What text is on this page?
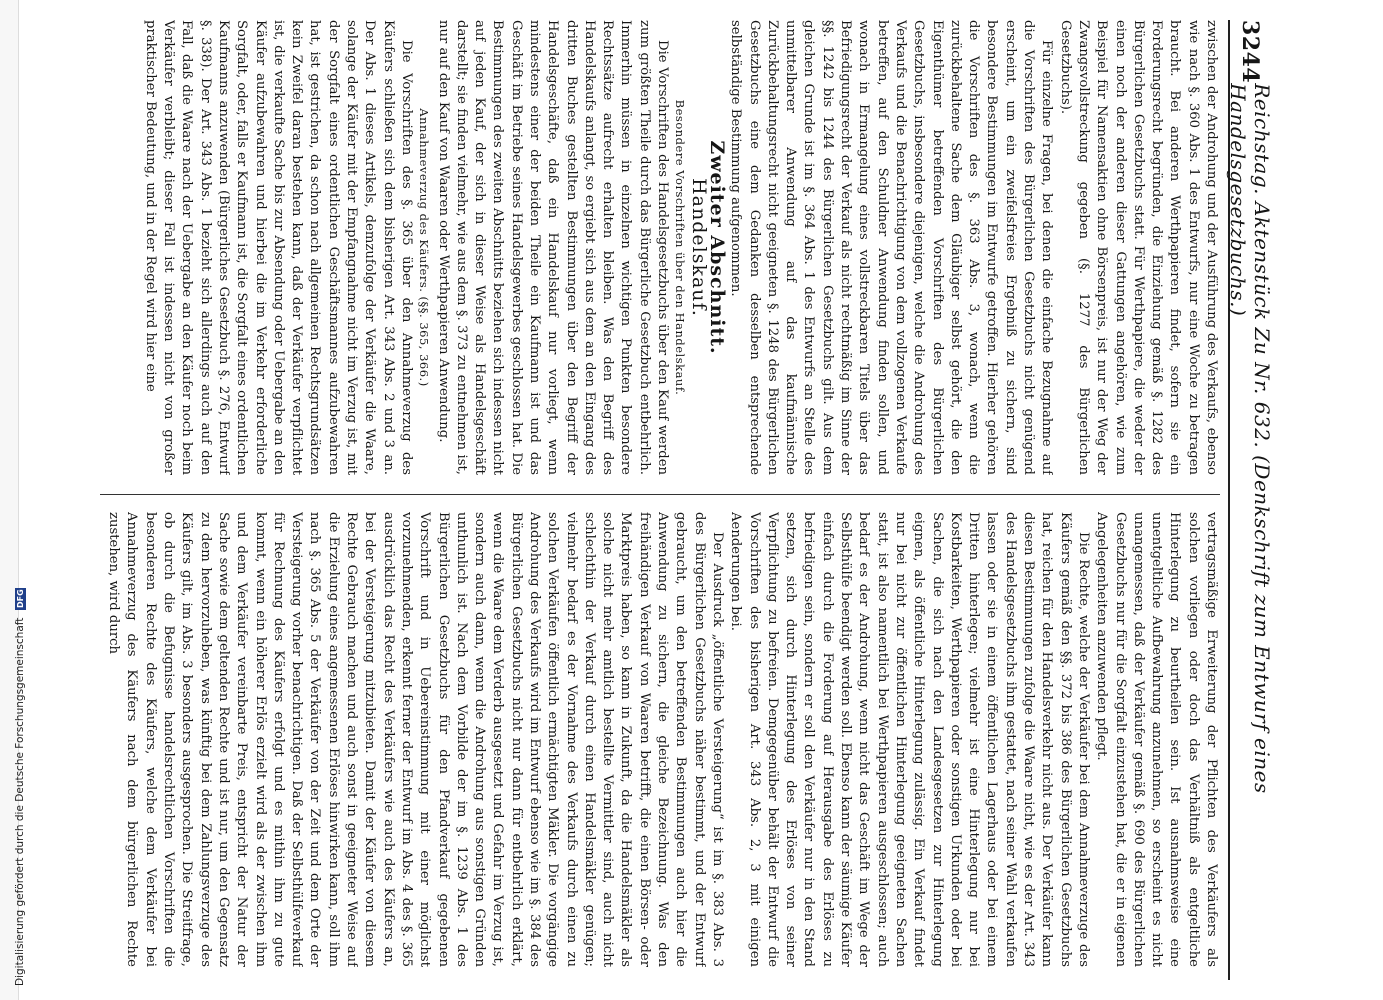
Digitalisierung gefördert durch die Deutsche Forschungsgemeinschaft
DFG
3244
Reichstag. Aktenstück Zu Nr. 632. (Denkschrift zum Entwurf eines Handelsgesetzbuchs.)

zwischen der Androhung und der Ausführung des Verkaufs, ebenso wie nach §. 360 Abs. 1 des Entwurfs, nur eine Woche zu betragen braucht. Bei anderen Werthpapieren findet, sofern sie ein Forderungsrecht begründen, die Einziehung gemäß §. 1282 des Bürgerlichen Gesetzbuchs statt. Für Werthpapiere, die weder der einen noch der anderen dieser Gattungen angehören, wie zum Beispiel für Namensaktien ohne Börsenpreis, ist nur der Weg der Zwangsvollstreckung gegeben (§. 1277 des Bürgerlichen Gesetzbuchs).

Für einzelne Fragen, bei denen die einfache Bezugnahme auf die Vorschriften des Bürgerlichen Gesetzbuchs nicht genügend erscheint, um ein zweifelsfreies Ergebniß zu sichern, sind besondere Bestimmungen im Entwurfe getroffen. Hierher gehören die Vorschriften des §. 363 Abs. 3, wonach, wenn die zurückbehaltene Sache dem Gläubiger selbst gehört, die den Eigenthümer betreffenden Vorschriften des Bürgerlichen Gesetzbuchs, insbesondere diejenigen, welche die Androhung des Verkaufs und die Benachrichtigung von dem vollzogenen Verkaufe betreffen, auf den Schuldner Anwendung finden sollen, und wonach in Ermangelung eines vollstreckbaren Titels über das Befriedigungsrecht der Verkauf als nicht rechtmäßig im Sinne der §§. 1242 bis 1244 des Bürgerlichen Gesetzbuchs gilt. Aus dem gleichen Grunde ist im §. 364 Abs. 1 des Entwurfs an Stelle des unmittelbarer Anwendung auf das kaufmännische Zurückbehaltungsrecht nicht geeigneten §. 1248 des Bürgerlichen Gesetzbuchs eine dem Gedanken desselben entsprechende selbständige Bestimmung aufgenommen.

Zweiter Abschnitt.

Handelskauf.

Besondere Vorschriften über den Handelskauf.

Die Vorschriften des Handelsgesetzbuchs über den Kauf werden zum größten Theile durch das Bürgerliche Gesetzbuch entbehrlich. Immerhin müssen in einzelnen wichtigen Punkten besondere Rechtssätze aufrecht erhalten bleiben. Was den Begriff des Handelskaufs anlangt, so ergiebt sich aus dem an den Eingang des dritten Buches gestellten Bestimmungen über den Begriff der Handelsgeschäfte, daß ein Handelskauf nur vorliegt, wenn mindestens einer der beiden Theile ein Kaufmann ist und das Geschäft im Betriebe seines Handelsgewerbes geschlossen hat. Die Bestimmungen des zweiten Abschnitts beziehen sich indessen nicht auf jeden Kauf, der sich in dieser Weise als Handelsgeschäft darstellt; sie finden vielmehr, wie aus dem §. 373 zu entnehmen ist, nur auf den Kauf von Waaren oder Werthpapieren Anwendung.

Annahmeverzug des Käufers. (§§. 365, 366.)

Die Vorschriften des §. 365 über den Annahmeverzug des Käufers schließen sich dem bisherigen Art. 343 Abs. 2 und 3 an. Der Abs. 1 dieses Artikels, demzufolge der Verkäufer die Waare, solange der Käufer mit der Empfangnahme nicht im Verzug ist, mit der Sorgfalt eines ordentlichen Geschäftsmannes aufzubewahren hat, ist gestrichen, da schon nach allgemeinen Rechtsgrundsätzen kein Zweifel daran bestehen kann, daß der Verkäufer verpflichtet ist, die verkaufte Sache bis zur Absendung oder Uebergabe an den Käufer aufzubewahren und hierbei die im Verkehr erforderliche Sorgfalt, oder, falls er Kaufmann ist, die Sorgfalt eines ordentlichen Kaufmanns anzuwenden (Bürgerliches Gesetzbuch §. 276, Entwurf §. 338). Der Art. 343 Abs. 1 bezieht sich allerdings auch auf den Fall, daß die Waare nach der Uebergabe an den Käufer noch beim Verkäufer verbleibt; dieser Fall ist indessen nicht von großer praktischer Bedeutung, und in der Regel wird hier eine

vertragsmäßige Erweiterung der Pflichten des Verkäufers als solchen vorliegen oder doch das Verhältniß als entgeltliche Hinterlegung zu beurtheilen sein. Ist ausnahmsweise eine unentgeltliche Aufbewahrung anzunehmen, so erscheint es nicht unangemessen, daß der Verkäufer gemäß §. 690 des Bürgerlichen Gesetzbuchs nur für die Sorgfalt einzustehen hat, die er in eigenen Angelegenheiten anzuwenden pflegt.

Die Rechte, welche der Verkäufer bei dem Annahmeverzuge des Käufers gemäß den §§. 372 bis 386 des Bürgerlichen Gesetzbuchs hat, reichen für den Handelsverkehr nicht aus. Der Verkäufer kann diesen Bestimmungen zufolge die Waare nicht, wie es der Art. 343 des Handelsgesetzbuchs ihm gestattet, nach seiner Wahl verkaufen lassen oder sie in einem öffentlichen Lagerhaus oder bei einem Dritten hinterlegen; vielmehr ist eine Hinterlegung nur bei Kostbarkeiten, Werthpapieren oder sonstigen Urkunden oder bei Sachen, die sich nach den Landesgesetzen zur Hinterlegung eignen, als öffentliche Hinterlegung zulässig. Ein Verkauf findet nur bei nicht zur öffentlichen Hinterlegung geeigneten Sachen statt, ist also namentlich bei Werthpapieren ausgeschlossen; auch bedarf es der Androhung, wenn nicht das Geschäft im Wege der Selbsthülfe beendigt werden soll. Ebenso kann der säumige Käufer einfach durch die Forderung auf Herausgabe des Erlöses zu befriedigen sein, sondern er soll den Verkäufer nur in den Stand setzen, sich durch Hinterlegung des Erlöses von seiner Verpflichtung zu befreien. Demgegenüber behält der Entwurf die Vorschriften des bisherigen Art. 343 Abs. 2, 3 mit einigen Aenderungen bei.

Der Ausdruck „öffentliche Versteigerung“ ist im §. 383 Abs. 3 des Bürgerlichen Gesetzbuchs näher bestimmt, und der Entwurf gebraucht, um den betreffenden Bestimmungen auch hier die Anwendung zu sichern, die gleiche Bezeichnung. Was den freihändigen Verkauf von Waaren betrifft, die einen Börsen- oder Marktpreis haben, so kann in Zukunft, da die Handelsmäkler als solche nicht mehr amtlich bestellte Vermittler sind, auch nicht schlechthin der Verkauf durch einen Handelsmäkler genügen; vielmehr bedarf es der Vornahme des Verkaufs durch einen zu solchen Verkäufen öffentlich ermächtigten Mäkler. Die vorgängige Androhung des Verkaufs wird im Entwurf ebenso wie im §. 384 des Bürgerlichen Gesetzbuchs nicht nur dann für entbehrlich erklärt, wenn die Waare dem Verderb ausgesetzt und Gefahr im Verzug ist, sondern auch dann, wenn die Androhung aus sonstigen Gründen unthunlich ist. Nach dem Vorbilde der im §. 1239 Abs. 1 des Bürgerlichen Gesetzbuchs für den Pfandverkauf gegebenen Vorschrift und in Uebereinstimmung mit einer möglichst vorzunehmenden, erkennt ferner der Entwurf im Abs. 4 des §. 365 ausdrücklich das Recht des Verkäufers wie auch des Käufers an, bei der Versteigerung mitzubieten. Damit der Käufer von diesem Rechte Gebrauch machen und auch sonst in geeigneter Weise auf die Erzielung eines angemessenen Erlöses hinwirken kann, soll ihm nach §. 365 Abs. 5 der Verkäufer von der Zeit und dem Orte der Versteigerung vorher benachrichtigen. Daß der Selbsthülfeverkauf für Rechnung des Käufers erfolgt und es mithin ihm zu gute kommt, wenn ein höherer Erlös erzielt wird als der zwischen ihm und dem Verkäufer vereinbarte Preis, entspricht der Natur der Sache sowie dem geltenden Rechte und ist nur, um den Gegensatz zu dem hervorzuheben, was künftig bei dem Zahlungsverzuge des Käufers gilt, im Abs. 3 besonders ausgesprochen. Die Streitfrage, ob durch die Befugnisse handelsrechtlichen Vorschriften die besonderen Rechte des Käufers, welche dem Verkäufer bei Annahmeverzug des Käufers nach dem bürgerlichen Rechte zustehen, wird durch
